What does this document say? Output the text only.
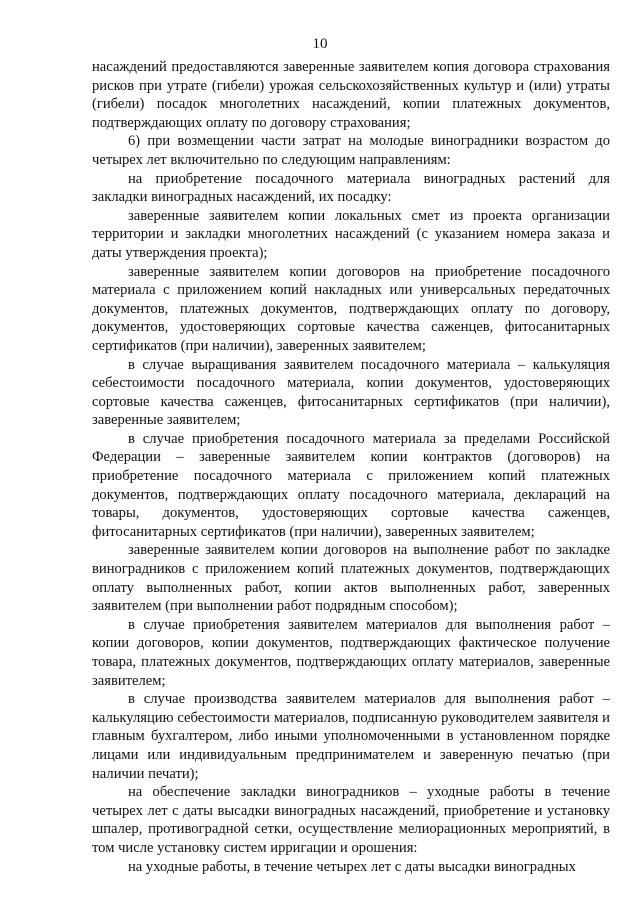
10

насаждений предоставляются заверенные заявителем копия договора страхования рисков при утрате (гибели) урожая сельскохозяйственных культур и (или) утраты (гибели) посадок многолетних насаждений, копии платежных документов, подтверждающих оплату по договору страхования;

6) при возмещении части затрат на молодые виноградники возрастом до четырех лет включительно по следующим направлениям:

на приобретение посадочного материала виноградных растений для закладки виноградных насаждений, их посадку:

заверенные заявителем копии локальных смет из проекта организации территории и закладки многолетних насаждений (с указанием номера заказа и даты утверждения проекта);

заверенные заявителем копии договоров на приобретение посадочного материала с приложением копий накладных или универсальных передаточных документов, платежных документов, подтверждающих оплату по договору, документов, удостоверяющих сортовые качества саженцев, фитосанитарных сертификатов (при наличии), заверенных заявителем;

в случае выращивания заявителем посадочного материала – калькуляция себестоимости посадочного материала, копии документов, удостоверяющих сортовые качества саженцев, фитосанитарных сертификатов (при наличии), заверенные заявителем;

в случае приобретения посадочного материала за пределами Российской Федерации – заверенные заявителем копии контрактов (договоров) на приобретение посадочного материала с приложением копий платежных документов, подтверждающих оплату посадочного материала, деклараций на товары, документов, удостоверяющих сортовые качества саженцев, фитосанитарных сертификатов (при наличии), заверенных заявителем;

заверенные заявителем копии договоров на выполнение работ по закладке виноградников с приложением копий платежных документов, подтверждающих оплату выполненных работ, копии актов выполненных работ, заверенных заявителем (при выполнении работ подрядным способом);

в случае приобретения заявителем материалов для выполнения работ – копии договоров, копии документов, подтверждающих фактическое получение товара, платежных документов, подтверждающих оплату материалов, заверенные заявителем;

в случае производства заявителем материалов для выполнения работ – калькуляцию себестоимости материалов, подписанную руководителем заявителя и главным бухгалтером, либо иными уполномоченными в установленном порядке лицами или индивидуальным предпринимателем и заверенную печатью (при наличии печати);

на обеспечение закладки виноградников – уходные работы в течение четырех лет с даты высадки виноградных насаждений, приобретение и установку шпалер, противоградной сетки, осуществление мелиорационных мероприятий, в том числе установку систем ирригации и орошения:

на уходные работы, в течение четырех лет с даты высадки виноградных
